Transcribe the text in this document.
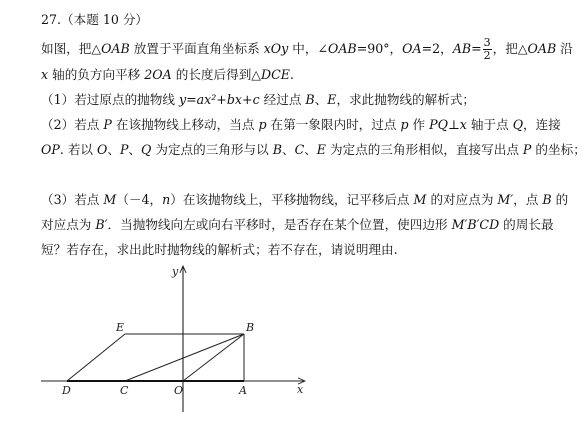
27.（本题 10 分）
如图，把△OAB 放置于平面直角坐标系 xOy 中，∠OAB=90°，OA=2，$AB= \frac{3}{2}$ ，把△OAB 沿
x 轴的负方向平移 2OA 的长度后得到△DCE.
（1）若过原点的抛物线 y=ax²+bx+c 经过点 B、E，求此抛物线的解析式；
（2）若点 P 在该抛物线上移动，当点 p 在第一象限内时，过点 p 作 PQ⊥x 轴于点 Q，连接
OP. 若以 O、P、Q 为定点的三角形与以 B、C、E 为定点的三角形相似，直接写出点 P 的坐标；
（3）若点 M（－4，n）在该抛物线上，平移抛物线，记平移后点 M 的对应点为 M′，点 B 的
对应点为 B′．当抛物线向左或向右平移时，是否存在某个位置，使四边形 M′B′CD 的周长最
短？若存在，求出此时抛物线的解析式；若不存在，请说明理由.
y
x
E	B
D	C	O	A
